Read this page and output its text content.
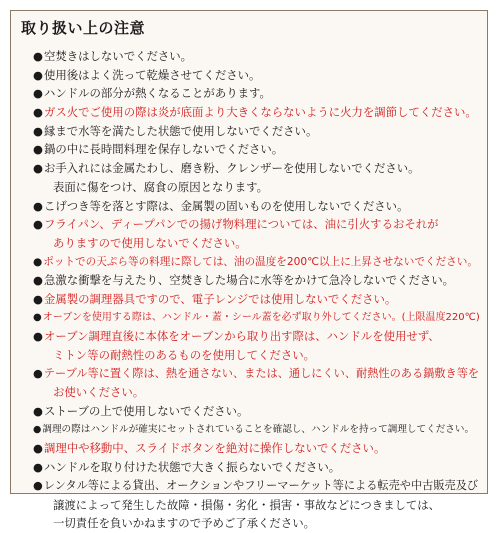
取り扱い上の注意
●空焚きはしないでください。
●使用後はよく洗って乾燥させてください。
●ハンドルの部分が熱くなることがあります。
●ガス火でご使用の際は炎が底面より大きくならないように火力を調節してください。
●縁まで水等を満たした状態で使用しないでください。
●鍋の中に長時間料理を保存しないでください。
●お手入れには金属たわし、磨き粉、クレンザーを使用しないでください。
表面に傷をつけ、腐食の原因となります。
●こげつき等を落とす際は、金属製の固いものを使用しないでください。
●フライパン、ディープパンでの揚げ物料理については、油に引火するおそれが
ありますので使用しないでください。
●ポットでの天ぷら等の料理に際しては、油の温度を200℃以上に上昇させないでください。
●急激な衝撃を与えたり、空焚きした場合に水等をかけて急冷しないでください。
●金属製の調理器具ですので、電子レンジでは使用しないでください。
●オーブンを使用する際は、ハンドル・蓋・シール蓋を必ず取り外してください。(上限温度220℃)
●オーブン調理直後に本体をオーブンから取り出す際は、ハンドルを使用せず、
ミトン等の耐熱性のあるものを使用してください。
●テーブル等に置く際は、熱を通さない、または、通しにくい、耐熱性のある鍋敷き等を
お使いください。
●ストーブの上で使用しないでください。
●調理の際はハンドルが確実にセットされていることを確認し、ハンドルを持って調理してください。
●調理中や移動中、スライドボタンを絶対に操作しないでください。
●ハンドルを取り付けた状態で大きく振らないでください。
●レンタル等による貸出、オークションやフリーマーケット等による転売や中古販売及び
譲渡によって発生した故障・損傷・劣化・損害・事故などにつきましては、
一切責任を負いかねますので予めご了承ください。
